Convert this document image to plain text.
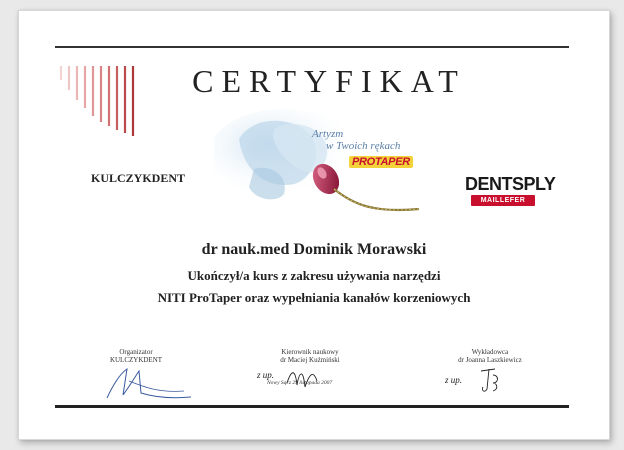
CERTYFIKAT
KULCZYKDENT
Artyzm
w Twoich rękach
PROTAPER
DENTSPLY
MAILLEFER
dr nauk.med Dominik Morawski
Ukończył/a kurs z zakresu używania narzędzi
NITI ProTaper oraz wypełniania kanałów korzeniowych
Organizator
KULCZYKDENT
Kierownik naukowy
dr Maciej Kuźmiński
z up.
Nowy Sącz 29 listopada 2007
Wykładowca
dr Joanna Laszkiewicz
z up.
